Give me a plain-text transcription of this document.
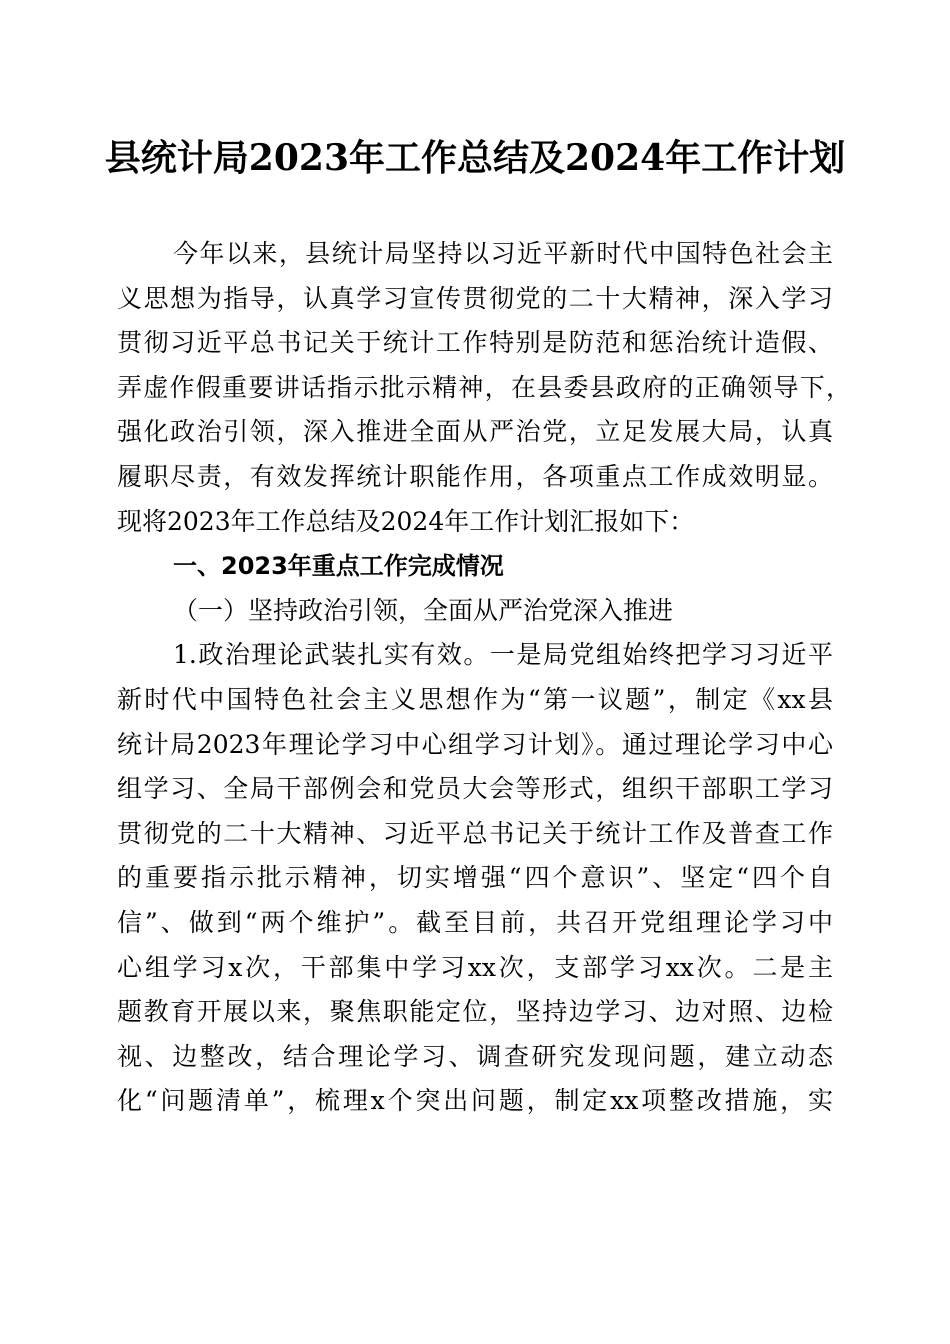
县统计局2023年工作总结及2024年工作计划
今年以来，县统计局坚持以习近平新时代中国特色社会主
义思想为指导，认真学习宣传贯彻党的二十大精神，深入学习
贯彻习近平总书记关于统计工作特别是防范和惩治统计造假、
弄虚作假重要讲话指示批示精神，在县委县政府的正确领导下，
强化政治引领，深入推进全面从严治党，立足发展大局，认真
履职尽责，有效发挥统计职能作用，各项重点工作成效明显。
现将2023年工作总结及2024年工作计划汇报如下：
一、2023年重点工作完成情况
（一）坚持政治引领，全面从严治党深入推进
1.政治理论武装扎实有效。一是局党组始终把学习习近平
新时代中国特色社会主义思想作为“第一议题”，制定《xx县
统计局2023年理论学习中心组学习计划》。通过理论学习中心
组学习、全局干部例会和党员大会等形式，组织干部职工学习
贯彻党的二十大精神、习近平总书记关于统计工作及普查工作
的重要指示批示精神，切实增强“四个意识”、坚定“四个自
信”、做到“两个维护”。截至目前，共召开党组理论学习中
心组学习x次，干部集中学习xx次，支部学习xx次。二是主
题教育开展以来，聚焦职能定位，坚持边学习、边对照、边检
视、边整改，结合理论学习、调查研究发现问题，建立动态
化“问题清单”，梳理x个突出问题，制定xx项整改措施，实
